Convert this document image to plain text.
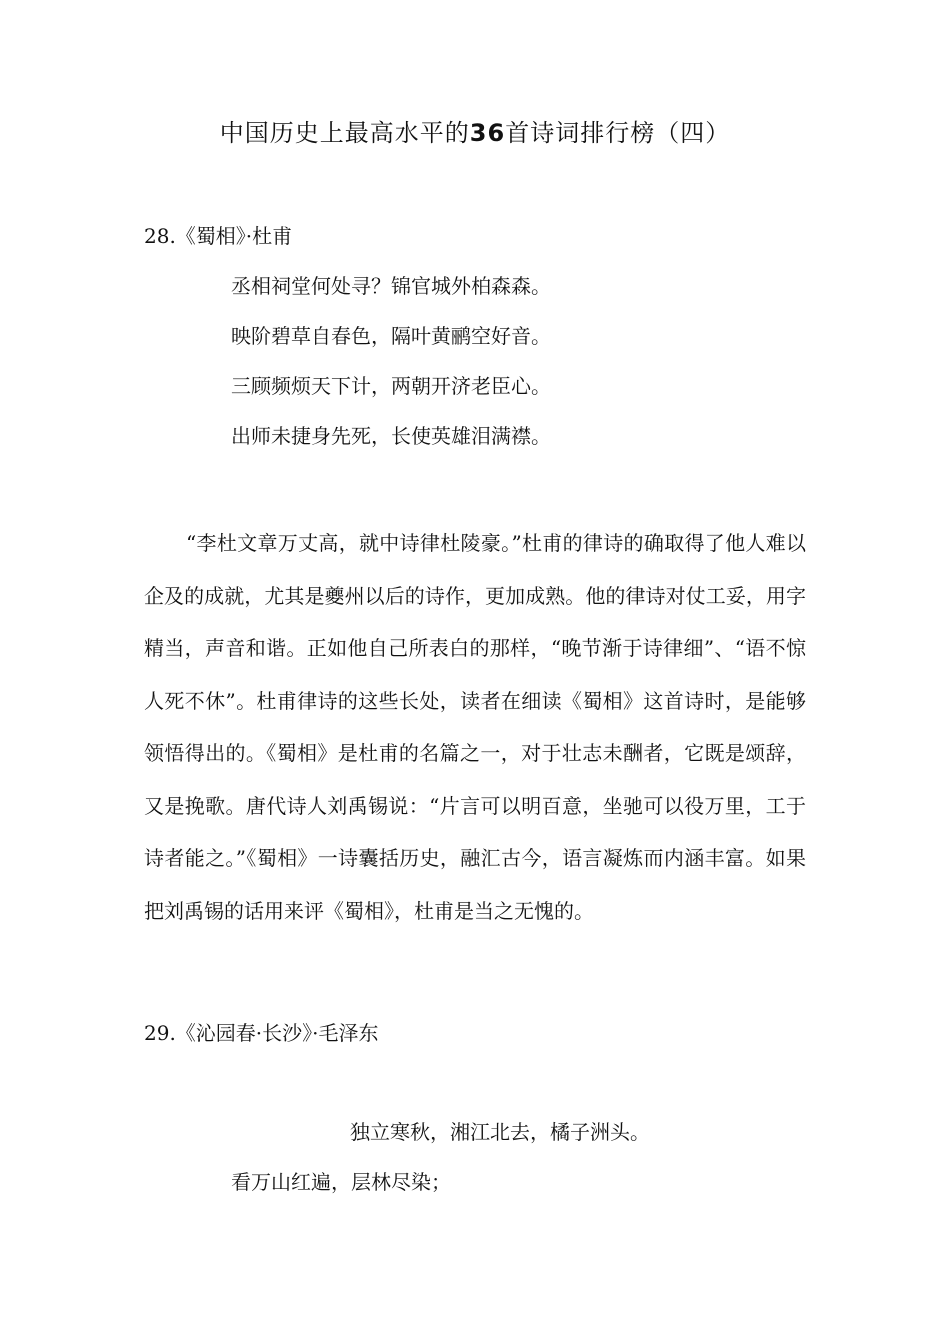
中国历史上最高水平的36首诗词排行榜（四）
28.《蜀相》·杜甫
丞相祠堂何处寻？锦官城外柏森森。
映阶碧草自春色，隔叶黄鹂空好音。
三顾频烦天下计，两朝开济老臣心。
出师未捷身先死，长使英雄泪满襟。

“李杜文章万丈高，就中诗律杜陵豪。”杜甫的律诗的确取得了他人难以企及的成就，尤其是夔州以后的诗作，更加成熟。他的律诗对仗工妥，用字精当，声音和谐。正如他自己所表白的那样，“晚节渐于诗律细”、“语不惊人死不休”。杜甫律诗的这些长处，读者在细读《蜀相》这首诗时，是能够领悟得出的。《蜀相》是杜甫的名篇之一，对于壮志未酬者，它既是颂辞，又是挽歌。唐代诗人刘禹锡说：“片言可以明百意，坐驰可以役万里，工于诗者能之。”《蜀相》一诗囊括历史，融汇古今，语言凝炼而内涵丰富。如果把刘禹锡的话用来评《蜀相》，杜甫是当之无愧的。

29.《沁园春·长沙》·毛泽东
独立寒秋，湘江北去，橘子洲头。
看万山红遍，层林尽染；
